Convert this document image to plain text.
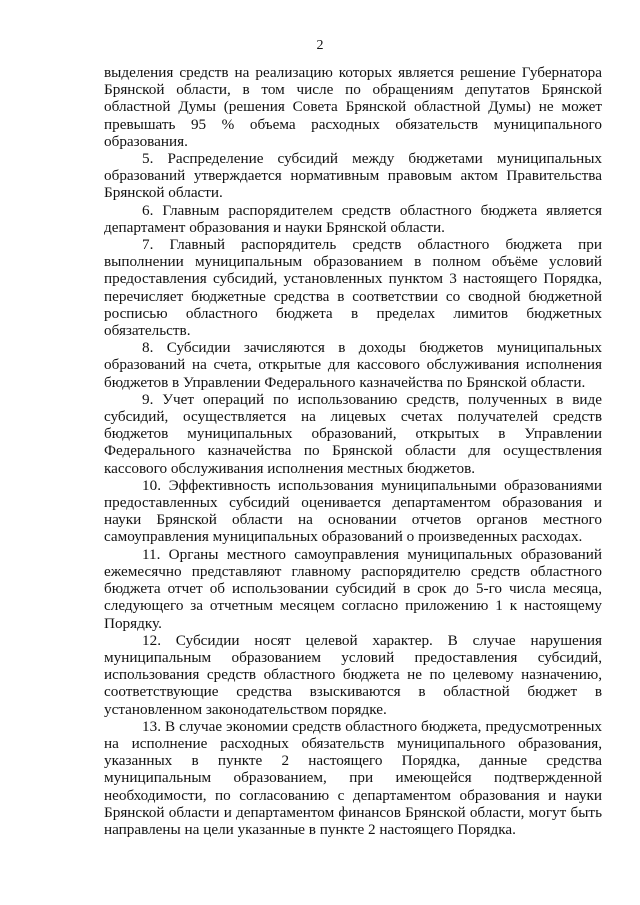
2

выделения средств на реализацию которых является решение Губернатора Брянской области, в том числе по обращениям депутатов Брянской областной Думы (решения Совета Брянской областной Думы) не может превышать 95 % объема расходных обязательств муниципального образования.

5. Распределение субсидий между бюджетами муниципальных образований утверждается нормативным правовым актом Правительства Брянской области.

6. Главным распорядителем средств областного бюджета является департамент образования и науки Брянской области.

7. Главный распорядитель средств областного бюджета при выполнении муниципальным образованием в полном объёме условий предоставления субсидий, установленных пунктом 3 настоящего Порядка, перечисляет бюджетные средства в соответствии со сводной бюджетной росписью областного бюджета в пределах лимитов бюджетных обязательств.

8. Субсидии зачисляются в доходы бюджетов муниципальных образований на счета, открытые для кассового обслуживания исполнения бюджетов в Управлении Федерального казначейства по Брянской области.

9. Учет операций по использованию средств, полученных в виде субсидий, осуществляется на лицевых счетах получателей средств бюджетов муниципальных образований, открытых в Управлении Федерального казначейства по Брянской области для осуществления кассового обслуживания исполнения местных бюджетов.

10. Эффективность использования муниципальными образованиями предоставленных субсидий оценивается департаментом образования и науки Брянской области на основании отчетов органов местного самоуправления муниципальных образований о произведенных расходах.

11. Органы местного самоуправления муниципальных образований ежемесячно представляют главному распорядителю средств областного бюджета отчет об использовании субсидий в срок до 5-го числа месяца, следующего за отчетным месяцем согласно приложению 1 к настоящему Порядку.

12. Субсидии носят целевой характер. В случае нарушения муниципальным образованием условий предоставления субсидий, использования средств областного бюджета не по целевому назначению, соответствующие средства взыскиваются в областной бюджет в установленном законодательством порядке.

13. В случае экономии средств областного бюджета, предусмотренных на исполнение расходных обязательств муниципального образования, указанных в пункте 2 настоящего Порядка, данные средства муниципальным образованием, при имеющейся подтвержденной необходимости, по согласованию с департаментом образования и науки Брянской области и департаментом финансов Брянской области, могут быть направлены на цели указанные в пункте 2 настоящего Порядка.
